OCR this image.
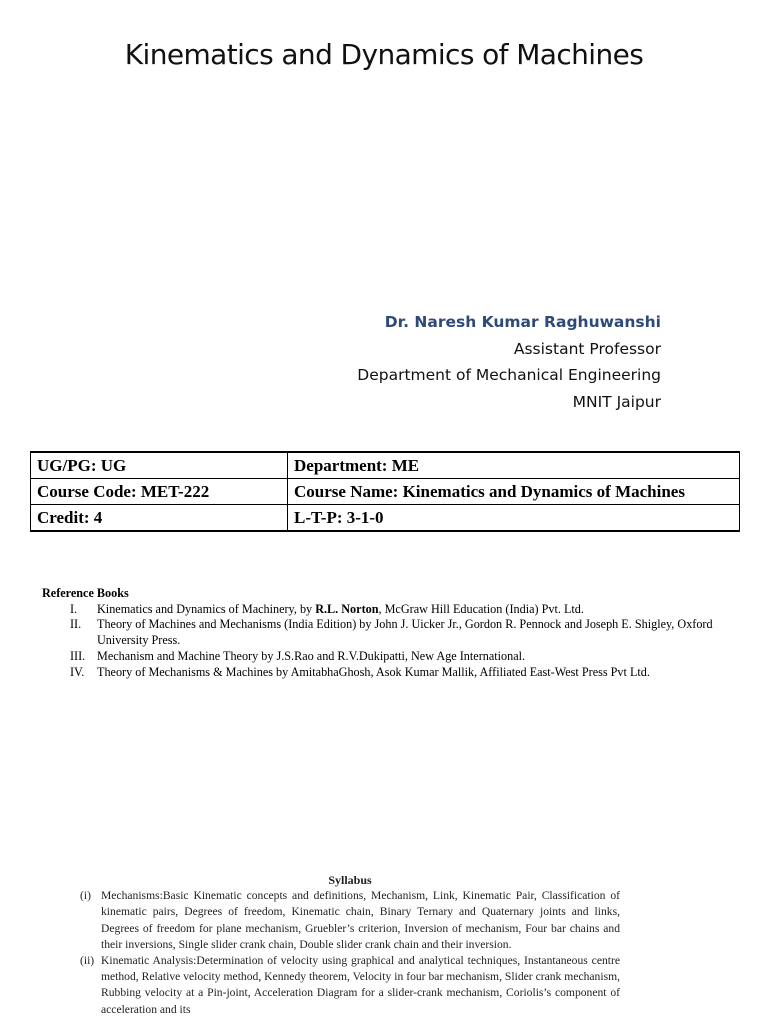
Kinematics and Dynamics of Machines
Dr. Naresh Kumar Raghuwanshi
Assistant Professor
Department of Mechanical Engineering
MNIT Jaipur
UG/PG: UG	Department: ME
Course Code: MET-222	Course Name: Kinematics and Dynamics of Machines
Credit: 4	L-T-P: 3-1-0
Reference Books
I.	Kinematics and Dynamics of Machinery, by R.L. Norton, McGraw Hill Education (India) Pvt. Ltd.
II.	Theory of Machines and Mechanisms (India Edition) by John J. Uicker Jr., Gordon R. Pennock and Joseph E. Shigley, Oxford University Press.
III. Mechanism and Machine Theory by J.S.Rao and R.V.Dukipatti, New Age International.
IV.	Theory of Mechanisms & Machines by AmitabhaGhosh, Asok Kumar Mallik, Affiliated East-West Press Pvt Ltd.
Syllabus
(i) Mechanisms:Basic Kinematic concepts and definitions, Mechanism, Link, Kinematic Pair, Classification of kinematic pairs, Degrees of freedom, Kinematic chain, Binary Ternary and Quaternary joints and links, Degrees of freedom for plane mechanism, Gruebler’s criterion, Inversion of mechanism, Four bar chains and their inversions, Single slider crank chain, Double slider crank chain and their inversion.
(ii) Kinematic Analysis:Determination of velocity using graphical and analytical techniques, Instantaneous centre method, Relative velocity method, Kennedy theorem, Velocity in four bar mechanism, Slider crank mechanism, Rubbing velocity at a Pin-joint, Acceleration Diagram for a slider-crank mechanism, Coriolis’s component of acceleration and its
